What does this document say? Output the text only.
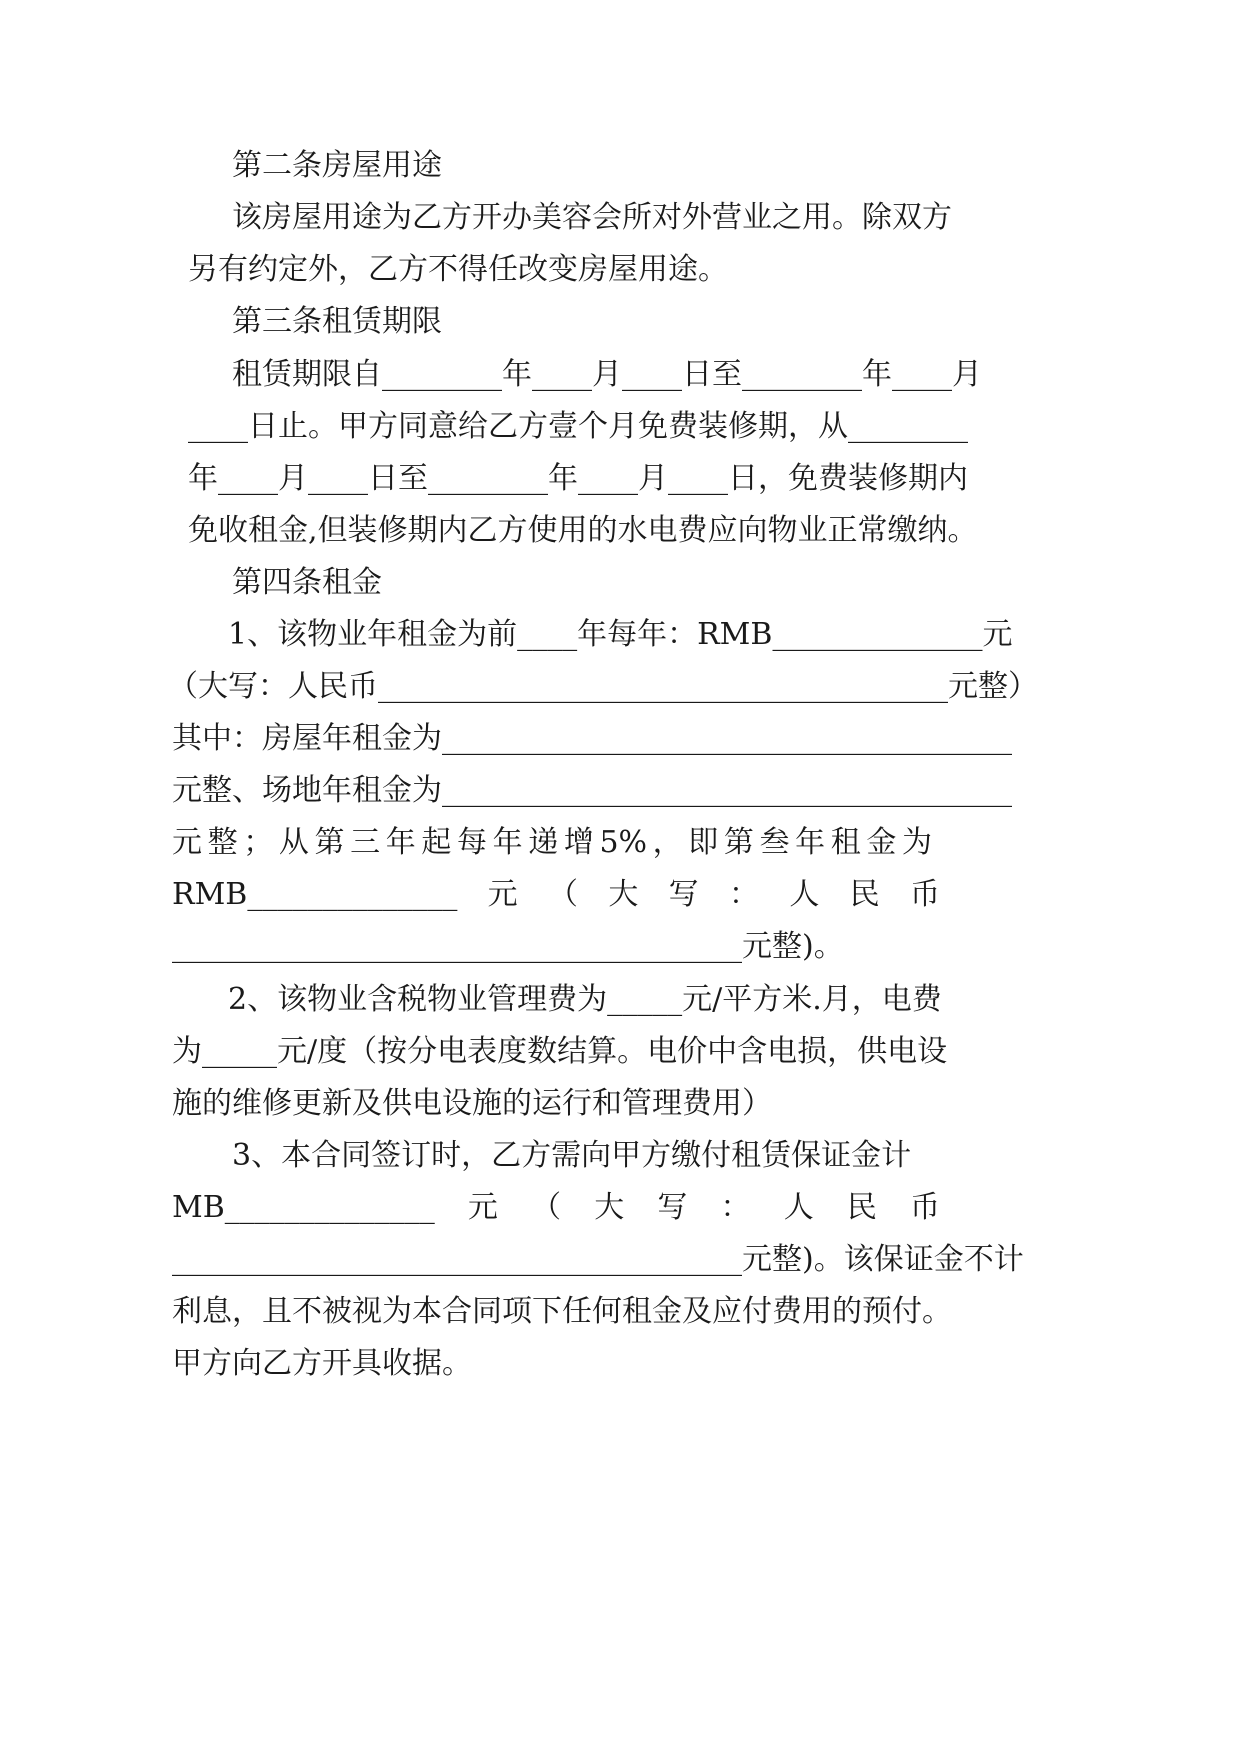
第二条房屋用途
该房屋用途为乙方开办美容会所对外营业之用。除双方
另有约定外，乙方不得任改变房屋用途。
第三条租赁期限
租赁期限自________年____月____日至________年____月
____日止。甲方同意给乙方壹个月免费装修期，从________
年____月____日至________年____月____日，免费装修期内
免收租金,但装修期内乙方使用的水电费应向物业正常缴纳。
第四条租金
1、该物业年租金为前____年每年：RMB______________元
（大写：人民币______________________________________元整）
其中：房屋年租金为______________________________________
元整、场地年租金为______________________________________
元整；从第三年起每年递增5%，即第叁年租金为
RMB______________元（大写：人民币
______________________________________元整)。
2、该物业含税物业管理费为_____元/平方米.月，电费
为_____元/度（按分电表度数结算。电价中含电损，供电设
施的维修更新及供电设施的运行和管理费用）
3、本合同签订时，乙方需向甲方缴付租赁保证金计
MB______________元（大写：人民币
______________________________________元整)。该保证金不计
利息，且不被视为本合同项下任何租金及应付费用的预付。
甲方向乙方开具收据。
